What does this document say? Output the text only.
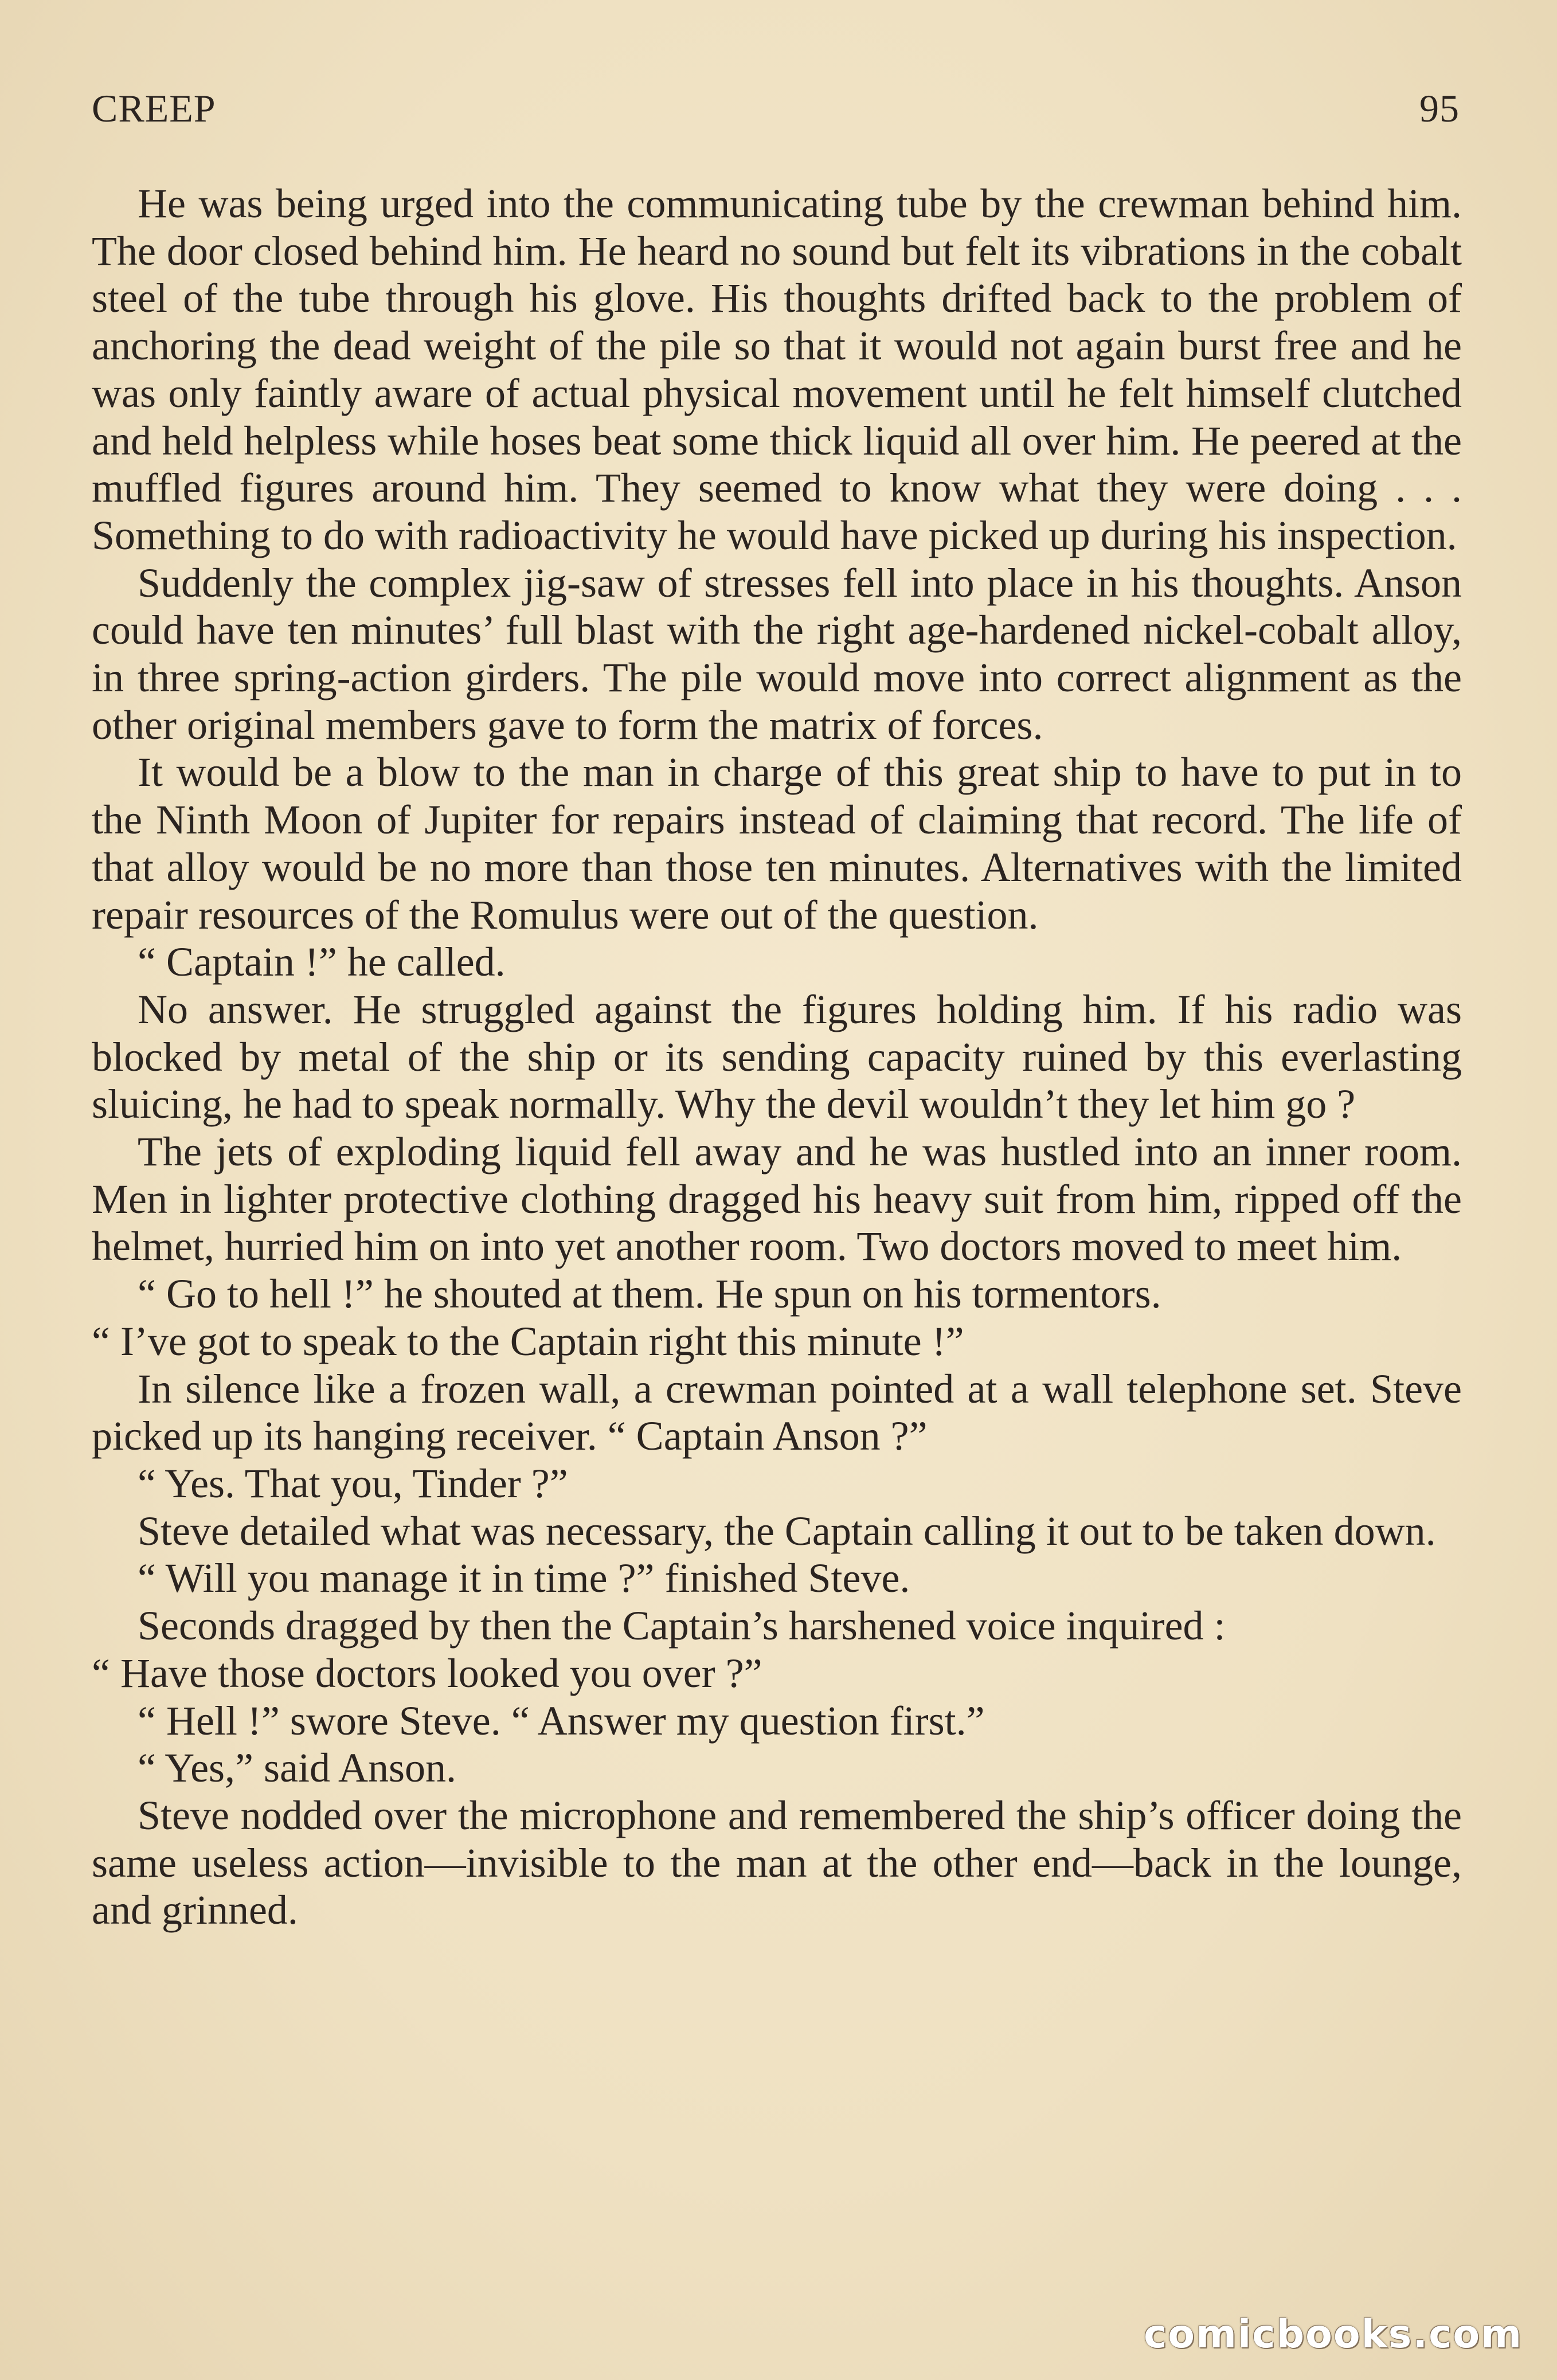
CREEP	95

He was being urged into the communicating tube by the crewman behind him. The door closed behind him. He heard no sound but felt its vibrations in the cobalt steel of the tube through his glove. His thoughts drifted back to the problem of anchoring the dead weight of the pile so that it would not again burst free and he was only faintly aware of actual physical movement until he felt himself clutched and held helpless while hoses beat some thick liquid all over him. He peered at the muffled figures around him. They seemed to know what they were doing . . . Something to do with radioactivity he would have picked up during his inspection.

Suddenly the complex jig-saw of stresses fell into place in his thoughts. Anson could have ten minutes’ full blast with the right age-hardened nickel-cobalt alloy, in three spring-action girders. The pile would move into correct alignment as the other original members gave to form the matrix of forces.

It would be a blow to the man in charge of this great ship to have to put in to the Ninth Moon of Jupiter for repairs instead of claiming that record. The life of that alloy would be no more than those ten minutes. Alternatives with the limited repair resources of the Romulus were out of the question.

“ Captain !” he called.

No answer. He struggled against the figures holding him. If his radio was blocked by metal of the ship or its sending capacity ruined by this everlasting sluicing, he had to speak normally. Why the devil wouldn’t they let him go ?

The jets of exploding liquid fell away and he was hustled into an inner room. Men in lighter protective clothing dragged his heavy suit from him, ripped off the helmet, hurried him on into yet another room. Two doctors moved to meet him.

“ Go to hell !” he shouted at them. He spun on his tormentors.
“ I’ve got to speak to the Captain right this minute !”

In silence like a frozen wall, a crewman pointed at a wall telephone set. Steve picked up its hanging receiver. “ Captain Anson ?”

“ Yes. That you, Tinder ?”

Steve detailed what was necessary, the Captain calling it out to be taken down.

“ Will you manage it in time ?” finished Steve.

Seconds dragged by then the Captain’s harshened voice inquired :
“ Have those doctors looked you over ?”

“ Hell !” swore Steve. “ Answer my question first.”

“ Yes,” said Anson.

Steve nodded over the microphone and remembered the ship’s officer doing the same useless action—invisible to the man at the other end—back in the lounge, and grinned.

comicbooks.com
